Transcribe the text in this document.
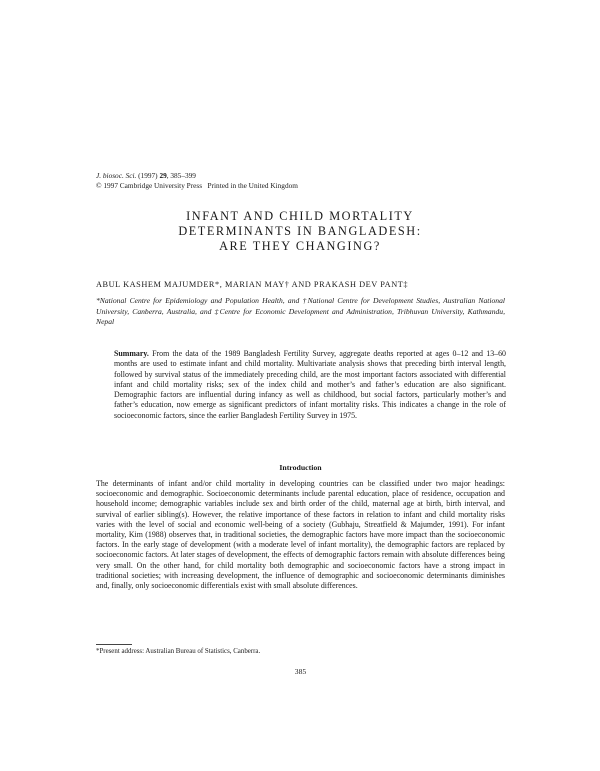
J. biosoc. Sci. (1997) 29, 385–399
© 1997 Cambridge University Press   Printed in the United Kingdom
INFANT AND CHILD MORTALITY
DETERMINANTS IN BANGLADESH:
ARE THEY CHANGING?
ABUL KASHEM MAJUMDER*, MARIAN MAY† AND PRAKASH DEV PANT‡
*National Centre for Epidemiology and Population Health, and †National Centre for Development Studies, Australian National University, Canberra, Australia, and ‡Centre for Economic Development and Administration, Tribhuvan University, Kathmandu, Nepal
Summary. From the data of the 1989 Bangladesh Fertility Survey, aggregate deaths reported at ages 0–12 and 13–60 months are used to estimate infant and child mortality. Multivariate analysis shows that preceding birth interval length, followed by survival status of the immediately preceding child, are the most important factors associated with differential infant and child mortality risks; sex of the index child and mother’s and father’s education are also significant. Demographic factors are influential during infancy as well as childhood, but social factors, particularly mother’s and father’s education, now emerge as significant predictors of infant mortality risks. This indicates a change in the role of socioeconomic factors, since the earlier Bangladesh Fertility Survey in 1975.
Introduction

The determinants of infant and/or child mortality in developing countries can be classified under two major headings: socioeconomic and demographic. Socioeconomic determinants include parental education, place of residence, occupation and household income; demographic variables include sex and birth order of the child, maternal age at birth, birth interval, and survival of earlier sibling(s). However, the relative importance of these factors in relation to infant and child mortality risks varies with the level of social and economic well-being of a society (Gubhaju, Streatfield & Majumder, 1991). For infant mortality, Kim (1988) observes that, in traditional societies, the demographic factors have more impact than the socioeconomic factors. In the early stage of development (with a moderate level of infant mortality), the demographic factors are replaced by socioeconomic factors. At later stages of development, the effects of demographic factors remain with absolute differences being very small. On the other hand, for child mortality both demographic and socioeconomic factors have a strong impact in traditional societies; with increasing development, the influence of demographic and socioeconomic determinants diminishes and, finally, only socioeconomic differentials exist with small absolute differences.

*Present address: Australian Bureau of Statistics, Canberra.
385
